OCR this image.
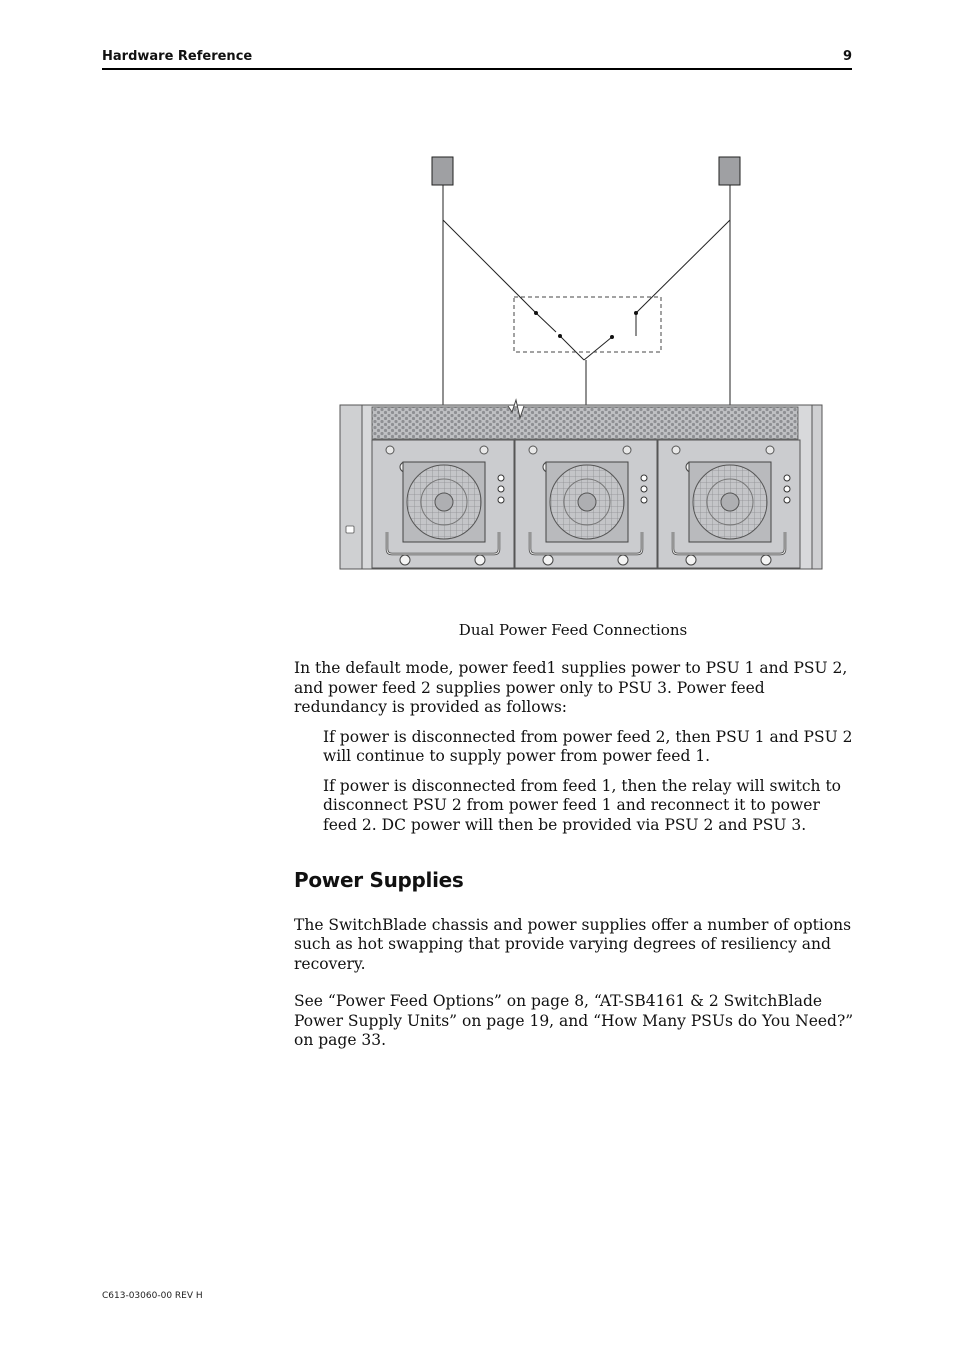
Hardware Reference	9
Dual Power Feed Connections

In the default mode, power feed1 supplies power to PSU 1 and PSU 2, and power feed 2 supplies power only to PSU 3. Power feed redundancy is provided as follows:

If power is disconnected from power feed 2, then PSU 1 and PSU 2 will continue to supply power from power feed 1.

If power is disconnected from feed 1, then the relay will switch to disconnect PSU 2 from power feed 1 and reconnect it to power feed 2. DC power will then be provided via PSU 2 and PSU 3.

Power Supplies

The SwitchBlade chassis and power supplies offer a number of options such as hot swapping that provide varying degrees of resiliency and recovery.

See “Power Feed Options” on page 8, “AT-SB4161 & 2 SwitchBlade Power Supply Units” on page 19, and “How Many PSUs do You Need?” on page 33.

C613-03060-00 REV H
